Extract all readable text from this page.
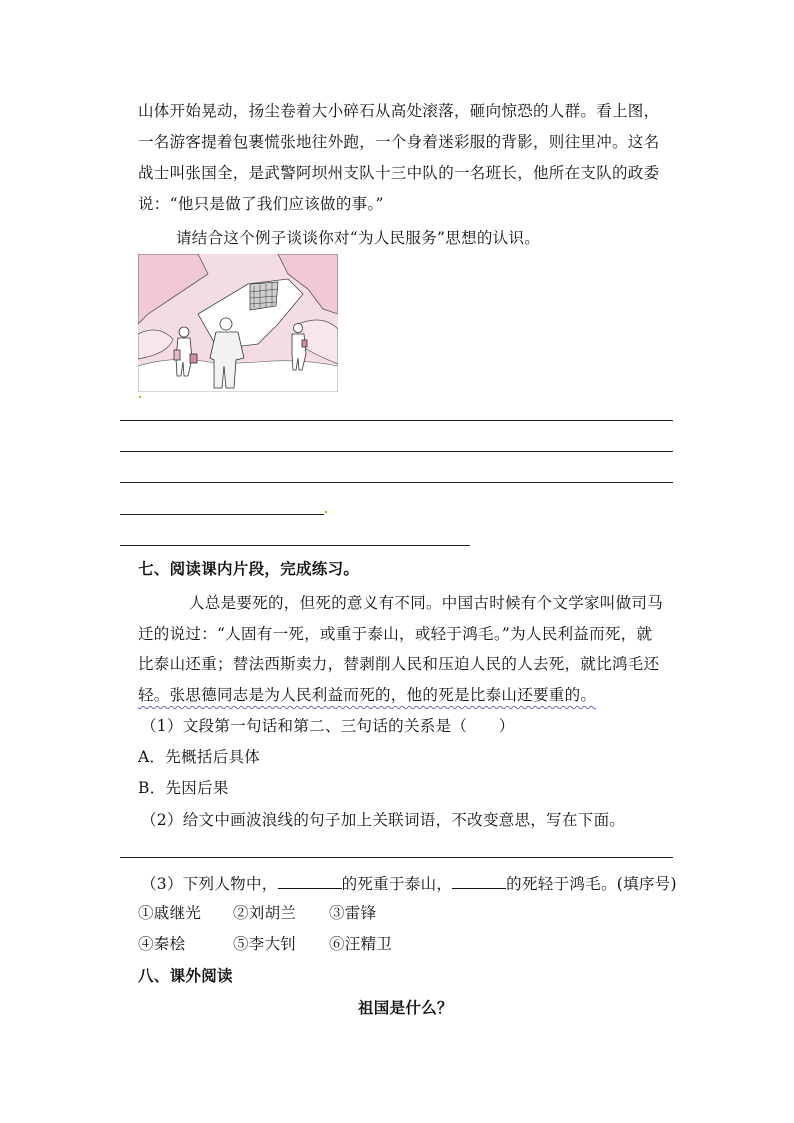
山体开始晃动，扬尘卷着大小碎石从高处滚落，砸向惊恐的人群。看上图，
一名游客提着包裹慌张地往外跑，一个身着迷彩服的背影，则往里冲。这名
战士叫张国全，是武警阿坝州支队十三中队的一名班长，他所在支队的政委
说：“他只是做了我们应该做的事。”
请结合这个例子谈谈你对“为人民服务”思想的认识。
七、阅读课内片段，完成练习。
人总是要死的，但死的意义有不同。中国古时候有个文学家叫做司马
迁的说过：“人固有一死，或重于泰山，或轻于鸿毛。”为人民利益而死，就
比泰山还重；替法西斯卖力，替剥削人民和压迫人民的人去死，就比鸿毛还
轻。张思德同志是为人民利益而死的，他的死是比泰山还要重的。
（1）文段第一句话和第二、三句话的关系是（　　）
A．先概括后具体
B．先因后果
（2）给文中画波浪线的句子加上关联词语，不改变意思，写在下面。
（3）下列人物中，	的死重于泰山，	的死轻于鸿毛。(填序号)
①戚继光 ②刘胡兰 ③雷锋
④秦桧	⑤李大钊 ⑥汪精卫
八、课外阅读
祖国是什么？
